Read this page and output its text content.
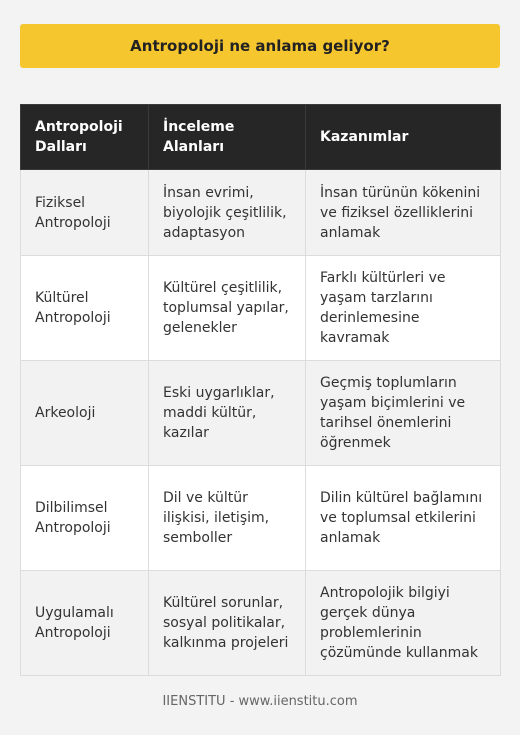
Antropoloji ne anlama geliyor?
Antropoloji Dalları	İnceleme Alanları	Kazanımlar
Fiziksel Antropoloji	İnsan evrimi, biyolojik çeşitlilik, adaptasyon	İnsan türünün kökenini ve fiziksel özelliklerini anlamak
Kültürel Antropoloji	Kültürel çeşitlilik, toplumsal yapılar, gelenekler	Farklı kültürleri ve yaşam tarzlarını derinlemesine kavramak
Arkeoloji	Eski uygarlıklar, maddi kültür, kazılar	Geçmiş toplumların yaşam biçimlerini ve tarihsel önemlerini öğrenmek
Dilbilimsel Antropoloji	Dil ve kültür ilişkisi, iletişim, semboller	Dilin kültürel bağlamını ve toplumsal etkilerini anlamak
Uygulamalı Antropoloji	Kültürel sorunlar, sosyal politikalar, kalkınma projeleri	Antropolojik bilgiyi gerçek dünya problemlerinin çözümünde kullanmak
IIENSTITU - www.iienstitu.com
